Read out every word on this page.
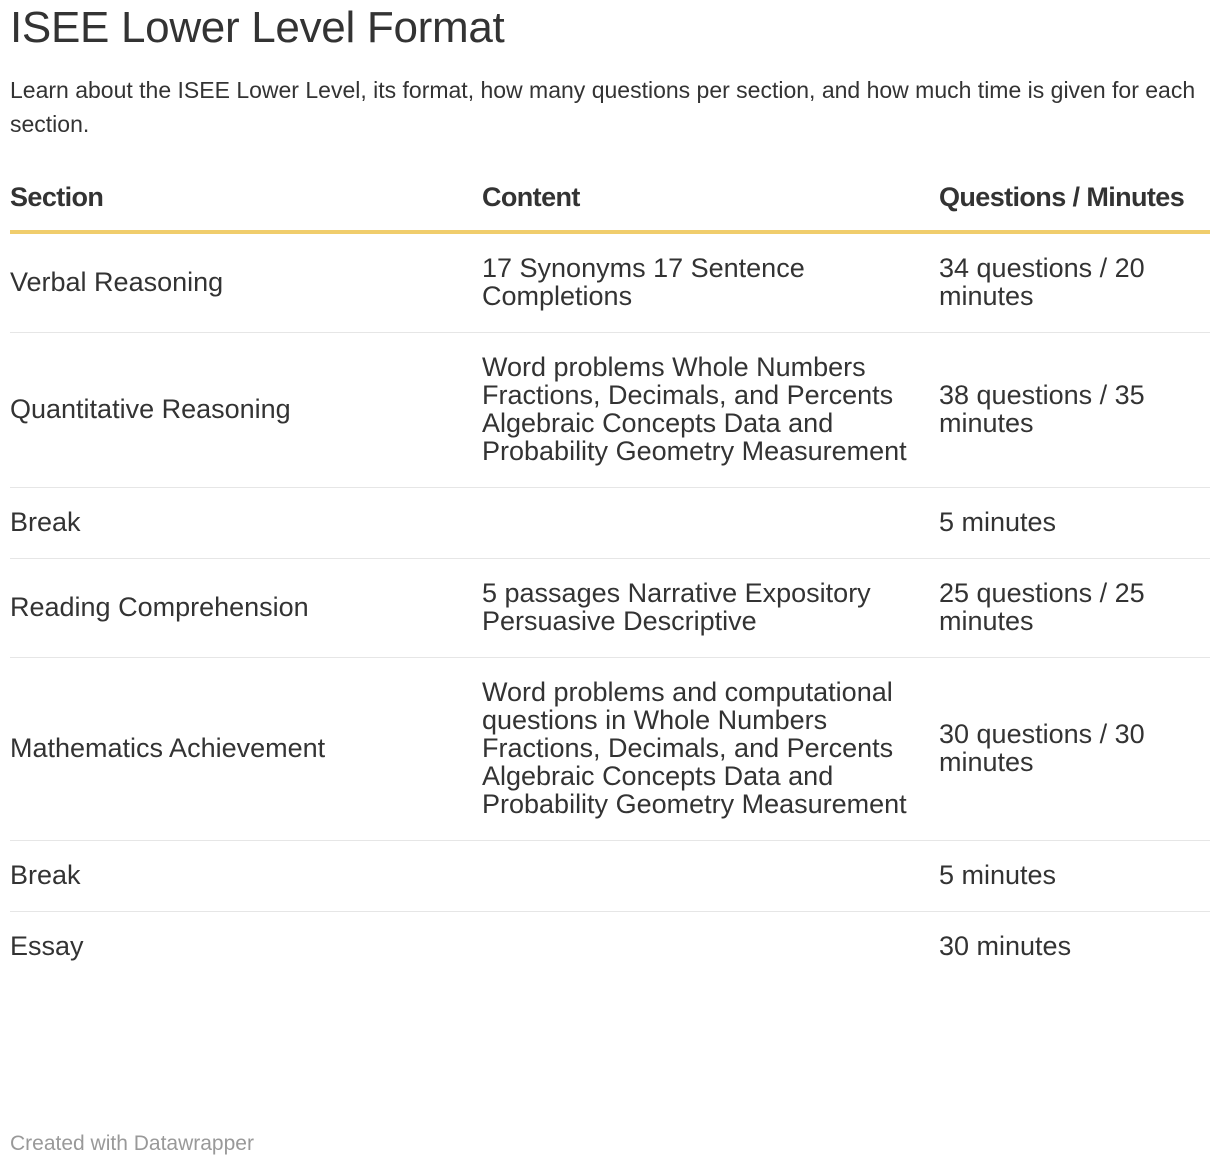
ISEE Lower Level Format

Learn about the ISEE Lower Level, its format, how many questions per section, and how much time is given for each section.

Section	Content	Questions / Minutes
Verbal Reasoning	17 Synonyms 17 Sentence Completions	34 questions / 20 minutes
Quantitative Reasoning	Word problems Whole Numbers Fractions, Decimals, and Percents Algebraic Concepts Data and Probability Geometry Measurement	38 questions / 35 minutes
Break		5 minutes
Reading Comprehension	5 passages Narrative Expository Persuasive Descriptive	25 questions / 25 minutes
Mathematics Achievement	Word problems and computational questions in Whole Numbers Fractions, Decimals, and Percents Algebraic Concepts Data and Probability Geometry Measurement	30 questions / 30 minutes
Break		5 minutes
Essay		30 minutes
Created with Datawrapper
